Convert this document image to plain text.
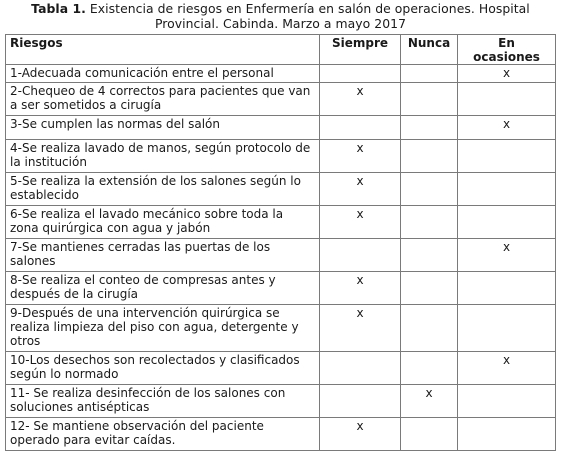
Tabla 1. Existencia de riesgos en Enfermería en salón de operaciones. Hospital
Provincial. Cabinda. Marzo a mayo 2017
Riesgos	Siempre	Nunca	En
ocasiones

1-Adecuada comunicación entre el personal			x
2-Chequeo de 4 correctos para pacientes que van a ser sometidos a cirugía	x		
3-Se cumplen las normas del salón			x
4-Se realiza lavado de manos, según protocolo de la institución	x		
5-Se realiza la extensión de los salones según lo establecido	x		
6-Se realiza el lavado mecánico sobre toda la zona quirúrgica con agua y jabón	x		
7-Se mantienes cerradas las puertas de los salones			x
8-Se realiza el conteo de compresas antes y después de la cirugía	x		
9-Después de una intervención quirúrgica se realiza limpieza del piso con agua, detergente y otros	x		
10-Los desechos son recolectados y clasificados según lo normado			x
11- Se realiza desinfección de los salones con soluciones antisépticas		x	
12- Se mantiene observación del paciente operado para evitar caídas.	x		
